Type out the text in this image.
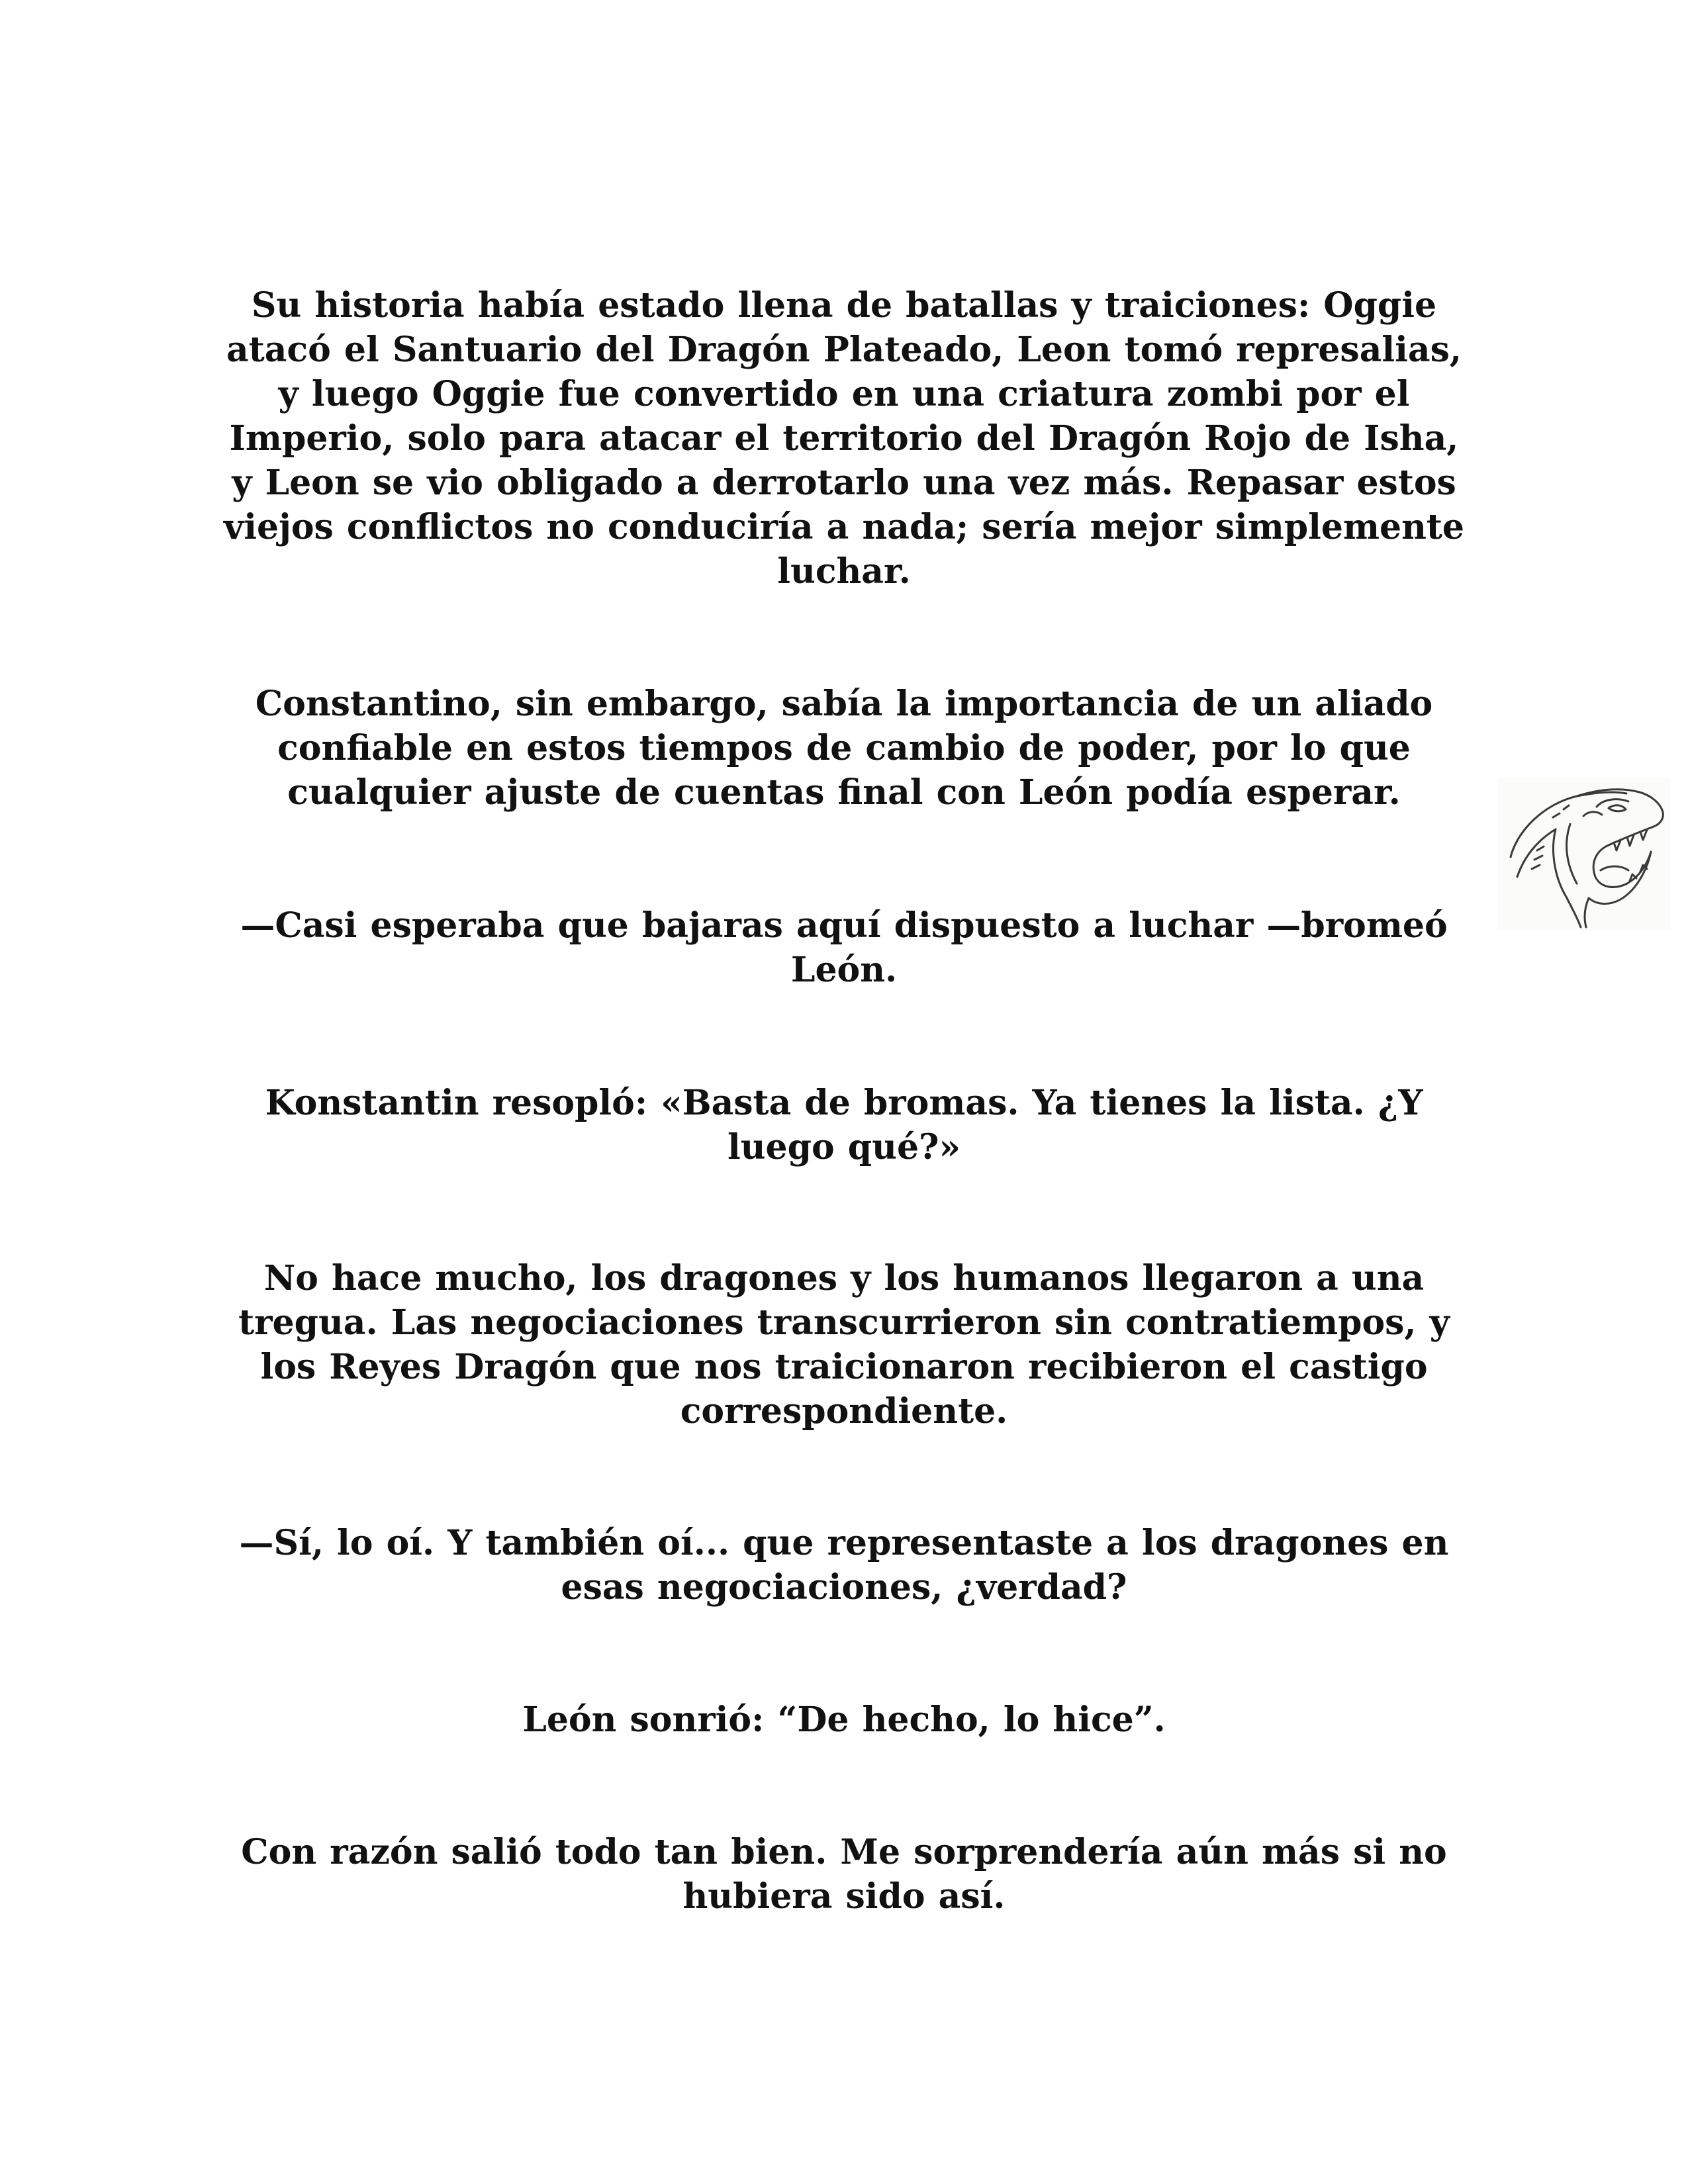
Su historia había estado llena de batallas y traiciones: Oggie atacó el Santuario del Dragón Plateado, Leon tomó represalias, y luego Oggie fue convertido en una criatura zombi por el Imperio, solo para atacar el territorio del Dragón Rojo de Isha, y Leon se vio obligado a derrotarlo una vez más. Repasar estos viejos conflictos no conduciría a nada; sería mejor simplemente luchar.

Constantino, sin embargo, sabía la importancia de un aliado confiable en estos tiempos de cambio de poder, por lo que cualquier ajuste de cuentas final con León podía esperar.

—Casi esperaba que bajaras aquí dispuesto a luchar —bromeó León.

Konstantin resopló: «Basta de bromas. Ya tienes la lista. ¿Y luego qué?»

No hace mucho, los dragones y los humanos llegaron a una tregua. Las negociaciones transcurrieron sin contratiempos, y los Reyes Dragón que nos traicionaron recibieron el castigo correspondiente.

—Sí, lo oí. Y también oí... que representaste a los dragones en esas negociaciones, ¿verdad?

León sonrió: “De hecho, lo hice”.

Con razón salió todo tan bien. Me sorprendería aún más si no hubiera sido así.
